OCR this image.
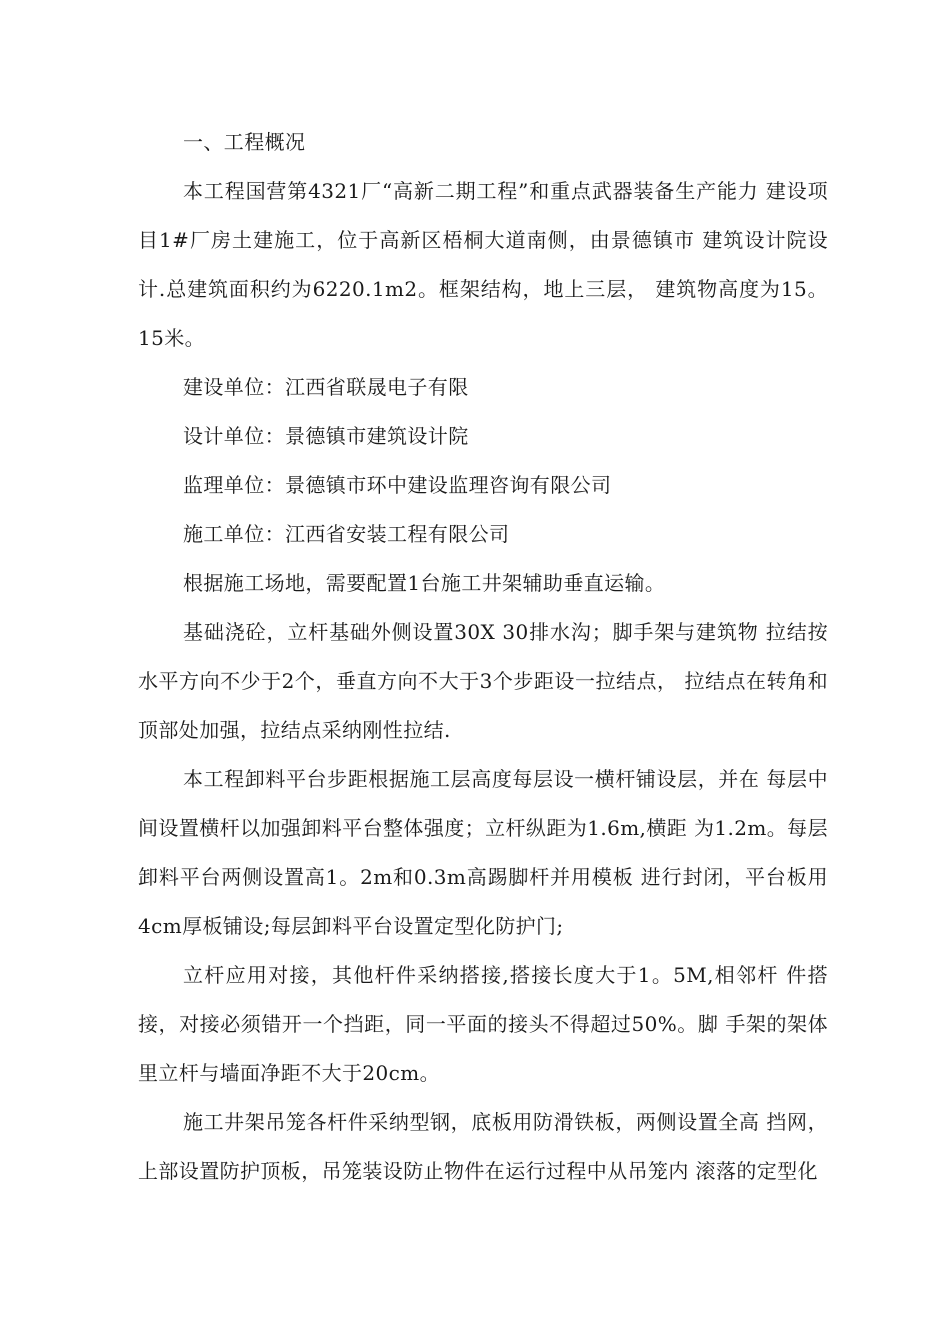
一、工程概况

本工程国营第4321厂“高新二期工程”和重点武器装备生产能力 建设项目1#厂房土建施工，位于高新区梧桐大道南侧，由景德镇市 建筑设计院设计.总建筑面积约为6220.1m2。框架结构，地上三层， 建筑物高度为15。15米。

建设单位：江西省联晟电子有限

设计单位：景德镇市建筑设计院

监理单位：景德镇市环中建设监理咨询有限公司

施工单位：江西省安装工程有限公司

根据施工场地，需要配置1台施工井架辅助垂直运输。

基础浇砼，立杆基础外侧设置30X 30排水沟；脚手架与建筑物 拉结按水平方向不少于2个，垂直方向不大于3个步距设一拉结点， 拉结点在转角和顶部处加强，拉结点采纳刚性拉结.

本工程卸料平台步距根据施工层高度每层设一横杆铺设层，并在 每层中间设置横杆以加强卸料平台整体强度；立杆纵距为1.6m,横距 为1.2m。每层卸料平台两侧设置高1。2m和0.3m高踢脚杆并用模板 进行封闭，平台板用4cm厚板铺设;每层卸料平台设置定型化防护门;

立杆应用对接，其他杆件采纳搭接,搭接长度大于1。5M,相邻杆 件搭接，对接必须错开一个挡距，同一平面的接头不得超过50%。脚 手架的架体里立杆与墙面净距不大于20cm。

施工井架吊笼各杆件采纳型钢，底板用防滑铁板，两侧设置全高 挡网，上部设置防护顶板，吊笼装设防止物件在运行过程中从吊笼内 滚落的定型化
